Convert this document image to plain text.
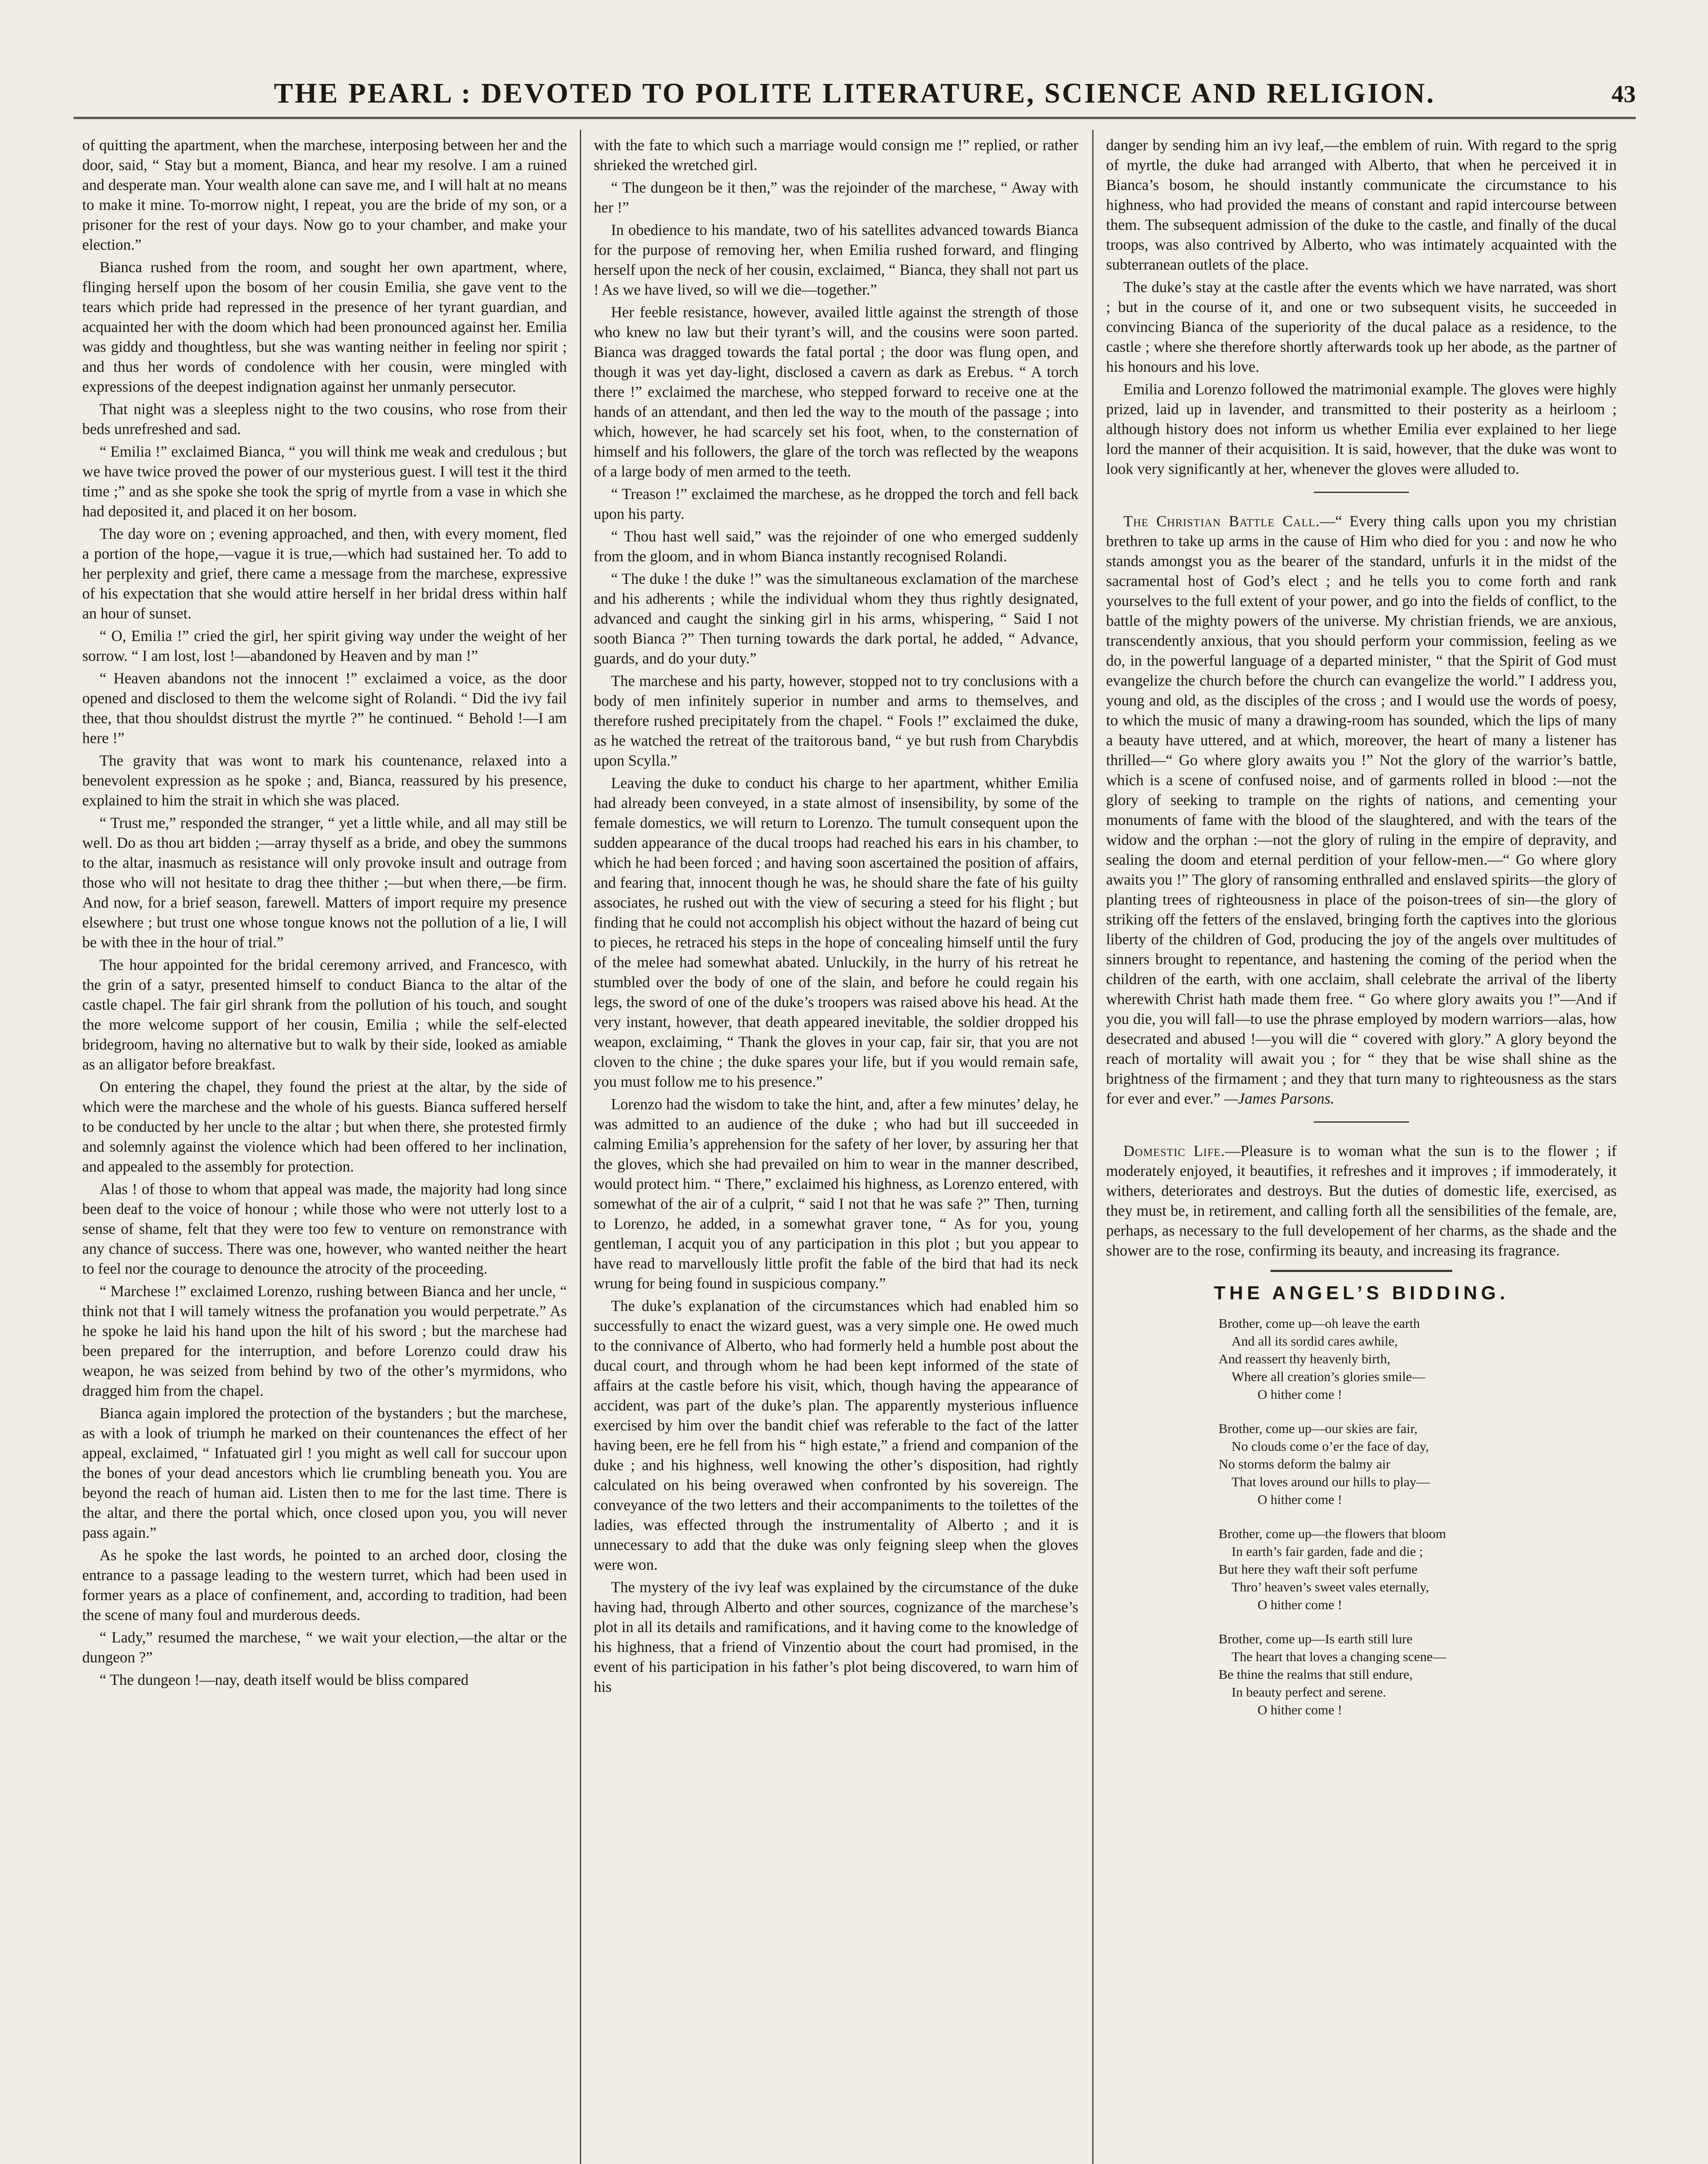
THE PEARL : DEVOTED TO POLITE LITERATURE, SCIENCE AND RELIGION.	43

of quitting the apartment, when the marchese, interposing between her and the door, said, “ Stay but a moment, Bianca, and hear my resolve. I am a ruined and desperate man. Your wealth alone can save me, and I will halt at no means to make it mine. To-morrow night, I repeat, you are the bride of my son, or a prisoner for the rest of your days. Now go to your chamber, and make your election.”

Bianca rushed from the room, and sought her own apartment, where, flinging herself upon the bosom of her cousin Emilia, she gave vent to the tears which pride had repressed in the presence of her tyrant guardian, and acquainted her with the doom which had been pronounced against her. Emilia was giddy and thoughtless, but she was wanting neither in feeling nor spirit ; and thus her words of condolence with her cousin, were mingled with expressions of the deepest indignation against her unmanly persecutor.

That night was a sleepless night to the two cousins, who rose from their beds unrefreshed and sad.

“ Emilia !” exclaimed Bianca, “ you will think me weak and credulous ; but we have twice proved the power of our mysterious guest. I will test it the third time ;” and as she spoke she took the sprig of myrtle from a vase in which she had deposited it, and placed it on her bosom.

The day wore on ; evening approached, and then, with every moment, fled a portion of the hope,—vague it is true,—which had sustained her. To add to her perplexity and grief, there came a message from the marchese, expressive of his expectation that she would attire herself in her bridal dress within half an hour of sunset.

“ O, Emilia !” cried the girl, her spirit giving way under the weight of her sorrow. “ I am lost, lost !—abandoned by Heaven and by man !”

“ Heaven abandons not the innocent !” exclaimed a voice, as the door opened and disclosed to them the welcome sight of Rolandi. “ Did the ivy fail thee, that thou shouldst distrust the myrtle ?” he continued. “ Behold !—I am here !”

The gravity that was wont to mark his countenance, relaxed into a benevolent expression as he spoke ; and, Bianca, reassured by his presence, explained to him the strait in which she was placed.

“ Trust me,” responded the stranger, “ yet a little while, and all may still be well. Do as thou art bidden ;—array thyself as a bride, and obey the summons to the altar, inasmuch as resistance will only provoke insult and outrage from those who will not hesitate to drag thee thither ;—but when there,—be firm. And now, for a brief season, farewell. Matters of import require my presence elsewhere ; but trust one whose tongue knows not the pollution of a lie, I will be with thee in the hour of trial.”

The hour appointed for the bridal ceremony arrived, and Francesco, with the grin of a satyr, presented himself to conduct Bianca to the altar of the castle chapel. The fair girl shrank from the pollution of his touch, and sought the more welcome support of her cousin, Emilia ; while the self-elected bridegroom, having no alternative but to walk by their side, looked as amiable as an alligator before breakfast.

On entering the chapel, they found the priest at the altar, by the side of which were the marchese and the whole of his guests. Bianca suffered herself to be conducted by her uncle to the altar ; but when there, she protested firmly and solemnly against the violence which had been offered to her inclination, and appealed to the assembly for protection.

Alas ! of those to whom that appeal was made, the majority had long since been deaf to the voice of honour ; while those who were not utterly lost to a sense of shame, felt that they were too few to venture on remonstrance with any chance of success. There was one, however, who wanted neither the heart to feel nor the courage to denounce the atrocity of the proceeding.

“ Marchese !” exclaimed Lorenzo, rushing between Bianca and her uncle, “ think not that I will tamely witness the profanation you would perpetrate.” As he spoke he laid his hand upon the hilt of his sword ; but the marchese had been prepared for the interruption, and before Lorenzo could draw his weapon, he was seized from behind by two of the other’s myrmidons, who dragged him from the chapel.

Bianca again implored the protection of the bystanders ; but the marchese, as with a look of triumph he marked on their countenances the effect of her appeal, exclaimed, “ Infatuated girl ! you might as well call for succour upon the bones of your dead ancestors which lie crumbling beneath you. You are beyond the reach of human aid. Listen then to me for the last time. There is the altar, and there the portal which, once closed upon you, you will never pass again.”

As he spoke the last words, he pointed to an arched door, closing the entrance to a passage leading to the western turret, which had been used in former years as a place of confinement, and, according to tradition, had been the scene of many foul and murderous deeds.

“ Lady,” resumed the marchese, “ we wait your election,—the altar or the dungeon ?”

“ The dungeon !—nay, death itself would be bliss compared

with the fate to which such a marriage would consign me !” replied, or rather shrieked the wretched girl.

“ The dungeon be it then,” was the rejoinder of the marchese, “ Away with her !”

In obedience to his mandate, two of his satellites advanced towards Bianca for the purpose of removing her, when Emilia rushed forward, and flinging herself upon the neck of her cousin, exclaimed, “ Bianca, they shall not part us ! As we have lived, so will we die—together.”

Her feeble resistance, however, availed little against the strength of those who knew no law but their tyrant’s will, and the cousins were soon parted. Bianca was dragged towards the fatal portal ; the door was flung open, and though it was yet day-light, disclosed a cavern as dark as Erebus. “ A torch there !” exclaimed the marchese, who stepped forward to receive one at the hands of an attendant, and then led the way to the mouth of the passage ; into which, however, he had scarcely set his foot, when, to the consternation of himself and his followers, the glare of the torch was reflected by the weapons of a large body of men armed to the teeth.

“ Treason !” exclaimed the marchese, as he dropped the torch and fell back upon his party.

“ Thou hast well said,” was the rejoinder of one who emerged suddenly from the gloom, and in whom Bianca instantly recognised Rolandi.

“ The duke ! the duke !” was the simultaneous exclamation of the marchese and his adherents ; while the individual whom they thus rightly designated, advanced and caught the sinking girl in his arms, whispering, “ Said I not sooth Bianca ?” Then turning towards the dark portal, he added, “ Advance, guards, and do your duty.”

The marchese and his party, however, stopped not to try conclusions with a body of men infinitely superior in number and arms to themselves, and therefore rushed precipitately from the chapel. “ Fools !” exclaimed the duke, as he watched the retreat of the traitorous band, “ ye but rush from Charybdis upon Scylla.”

Leaving the duke to conduct his charge to her apartment, whither Emilia had already been conveyed, in a state almost of insensibility, by some of the female domestics, we will return to Lorenzo. The tumult consequent upon the sudden appearance of the ducal troops had reached his ears in his chamber, to which he had been forced ; and having soon ascertained the position of affairs, and fearing that, innocent though he was, he should share the fate of his guilty associates, he rushed out with the view of securing a steed for his flight ; but finding that he could not accomplish his object without the hazard of being cut to pieces, he retraced his steps in the hope of concealing himself until the fury of the melee had somewhat abated. Unluckily, in the hurry of his retreat he stumbled over the body of one of the slain, and before he could regain his legs, the sword of one of the duke’s troopers was raised above his head. At the very instant, however, that death appeared inevitable, the soldier dropped his weapon, exclaiming, “ Thank the gloves in your cap, fair sir, that you are not cloven to the chine ; the duke spares your life, but if you would remain safe, you must follow me to his presence.”

Lorenzo had the wisdom to take the hint, and, after a few minutes’ delay, he was admitted to an audience of the duke ; who had but ill succeeded in calming Emilia’s apprehension for the safety of her lover, by assuring her that the gloves, which she had prevailed on him to wear in the manner described, would protect him. “ There,” exclaimed his highness, as Lorenzo entered, with somewhat of the air of a culprit, “ said I not that he was safe ?” Then, turning to Lorenzo, he added, in a somewhat graver tone, “ As for you, young gentleman, I acquit you of any participation in this plot ; but you appear to have read to marvellously little profit the fable of the bird that had its neck wrung for being found in suspicious company.”

The duke’s explanation of the circumstances which had enabled him so successfully to enact the wizard guest, was a very simple one. He owed much to the connivance of Alberto, who had formerly held a humble post about the ducal court, and through whom he had been kept informed of the state of affairs at the castle before his visit, which, though having the appearance of accident, was part of the duke’s plan. The apparently mysterious influence exercised by him over the bandit chief was referable to the fact of the latter having been, ere he fell from his “ high estate,” a friend and companion of the duke ; and his highness, well knowing the other’s disposition, had rightly calculated on his being overawed when confronted by his sovereign. The conveyance of the two letters and their accompaniments to the toilettes of the ladies, was effected through the instrumentality of Alberto ; and it is unnecessary to add that the duke was only feigning sleep when the gloves were won.

The mystery of the ivy leaf was explained by the circumstance of the duke having had, through Alberto and other sources, cognizance of the marchese’s plot in all its details and ramifications, and it having come to the knowledge of his highness, that a friend of Vinzentio about the court had promised, in the event of his participation in his father’s plot being discovered, to warn him of his

danger by sending him an ivy leaf,—the emblem of ruin. With regard to the sprig of myrtle, the duke had arranged with Alberto, that when he perceived it in Bianca’s bosom, he should instantly communicate the circumstance to his highness, who had provided the means of constant and rapid intercourse between them. The subsequent admission of the duke to the castle, and finally of the ducal troops, was also contrived by Alberto, who was intimately acquainted with the subterranean outlets of the place.

The duke’s stay at the castle after the events which we have narrated, was short ; but in the course of it, and one or two subsequent visits, he succeeded in convincing Bianca of the superiority of the ducal palace as a residence, to the castle ; where she therefore shortly afterwards took up her abode, as the partner of his honours and his love.

Emilia and Lorenzo followed the matrimonial example. The gloves were highly prized, laid up in lavender, and transmitted to their posterity as a heirloom ; although history does not inform us whether Emilia ever explained to her liege lord the manner of their acquisition. It is said, however, that the duke was wont to look very significantly at her, whenever the gloves were alluded to.

The Christian Battle Call.—“ Every thing calls upon you my christian brethren to take up arms in the cause of Him who died for you : and now he who stands amongst you as the bearer of the standard, unfurls it in the midst of the sacramental host of God’s elect ; and he tells you to come forth and rank yourselves to the full extent of your power, and go into the fields of conflict, to the battle of the mighty powers of the universe. My christian friends, we are anxious, transcendently anxious, that you should perform your commission, feeling as we do, in the powerful language of a departed minister, “ that the Spirit of God must evangelize the church before the church can evangelize the world.” I address you, young and old, as the disciples of the cross ; and I would use the words of poesy, to which the music of many a drawing-room has sounded, which the lips of many a beauty have uttered, and at which, moreover, the heart of many a listener has thrilled—“ Go where glory awaits you !” Not the glory of the warrior’s battle, which is a scene of confused noise, and of garments rolled in blood :—not the glory of seeking to trample on the rights of nations, and cementing your monuments of fame with the blood of the slaughtered, and with the tears of the widow and the orphan :—not the glory of ruling in the empire of depravity, and sealing the doom and eternal perdition of your fellow-men.—“ Go where glory awaits you !” The glory of ransoming enthralled and enslaved spirits—the glory of planting trees of righteousness in place of the poison-trees of sin—the glory of striking off the fetters of the enslaved, bringing forth the captives into the glorious liberty of the children of God, producing the joy of the angels over multitudes of sinners brought to repentance, and hastening the coming of the period when the children of the earth, with one acclaim, shall celebrate the arrival of the liberty wherewith Christ hath made them free. “ Go where glory awaits you !”—And if you die, you will fall—to use the phrase employed by modern warriors—alas, how desecrated and abused !—you will die “ covered with glory.” A glory beyond the reach of mortality will await you ; for “ they that be wise shall shine as the brightness of the firmament ; and they that turn many to righteousness as the stars for ever and ever.” —James Parsons.

Domestic Life.—Pleasure is to woman what the sun is to the flower ; if moderately enjoyed, it beautifies, it refreshes and it improves ; if immoderately, it withers, deteriorates and destroys. But the duties of domestic life, exercised, as they must be, in retirement, and calling forth all the sensibilities of the female, are, perhaps, as necessary to the full developement of her charms, as the shade and the shower are to the rose, confirming its beauty, and increasing its fragrance.

THE ANGEL’S BIDDING.
Brother, come up—oh leave the earth
And all its sordid cares awhile,
And reassert thy heavenly birth,
Where all creation’s glories smile—
O hither come !
Brother, come up—our skies are fair,
No clouds come o’er the face of day,
No storms deform the balmy air
That loves around our hills to play—
O hither come !
Brother, come up—the flowers that bloom
In earth’s fair garden, fade and die ;
But here they waft their soft perfume
Thro’ heaven’s sweet vales eternally,
O hither come !
Brother, come up—Is earth still lure
The heart that loves a changing scene—
Be thine the realms that still endure,
In beauty perfect and serene.
O hither come !
